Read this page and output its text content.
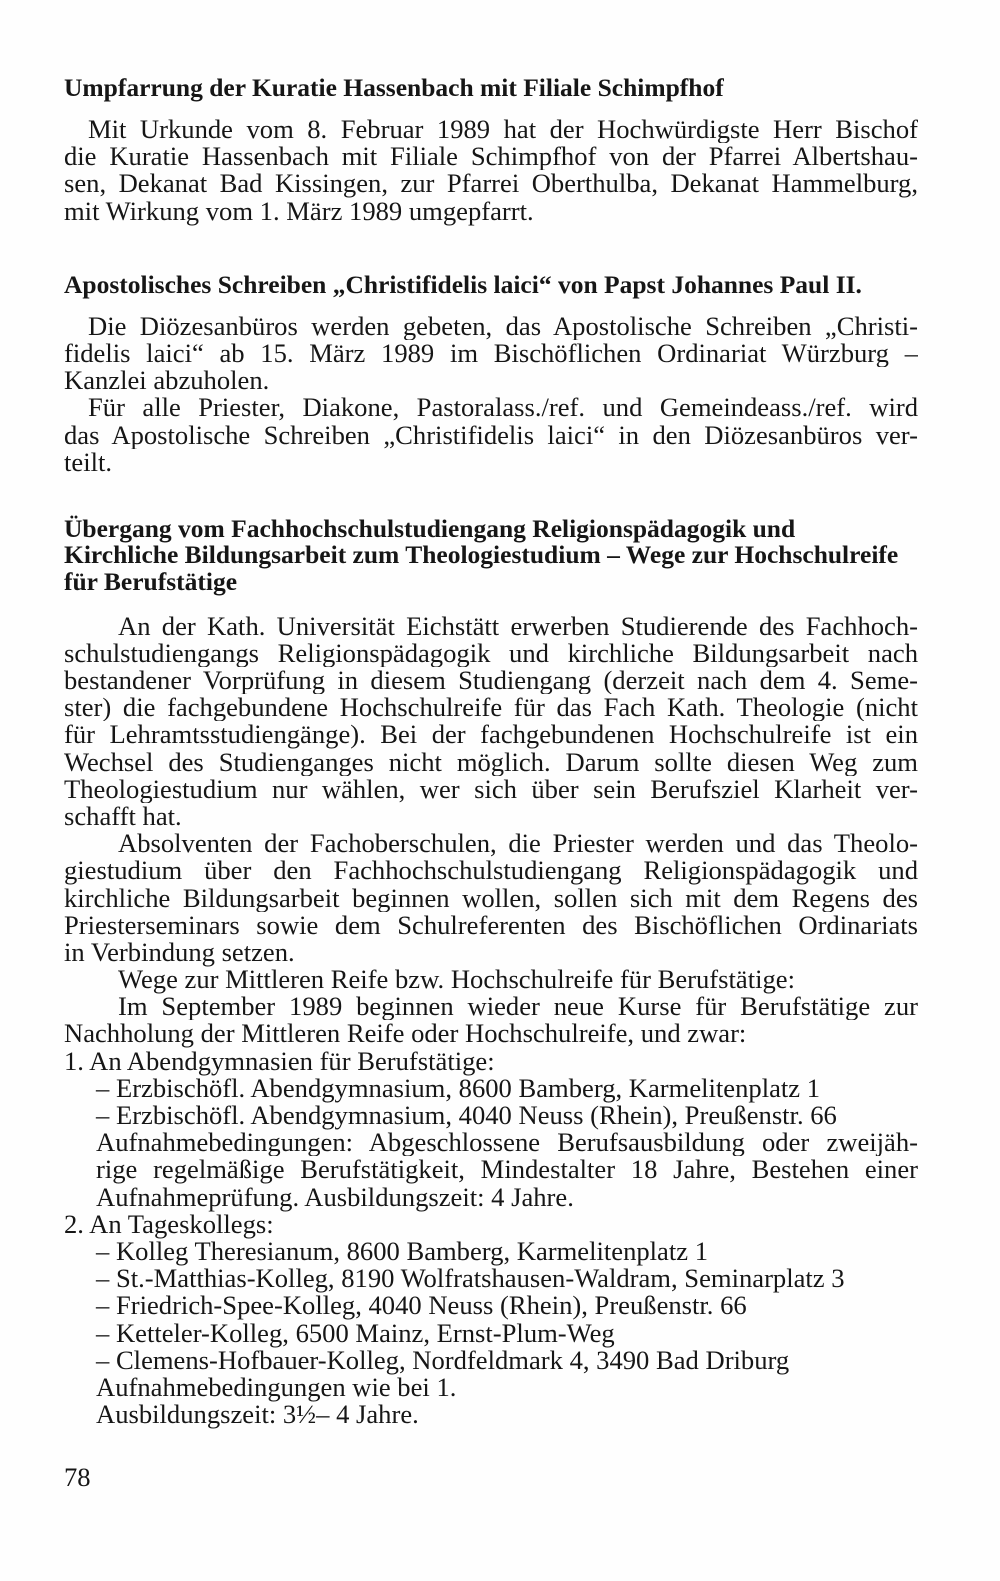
Umpfarrung der Kuratie Hassenbach mit Filiale Schimpfhof
Mit Urkunde vom 8. Februar 1989 hat der Hochwürdigste Herr Bischof
die Kuratie Hassenbach mit Filiale Schimpfhof von der Pfarrei Albertshau-
sen, Dekanat Bad Kissingen, zur Pfarrei Oberthulba, Dekanat Hammelburg,
mit Wirkung vom 1. März 1989 umgepfarrt.
Apostolisches Schreiben „Christifidelis laici“ von Papst Johannes Paul II.
Die Diözesanbüros werden gebeten, das Apostolische Schreiben „Christi-
fidelis laici“ ab 15. März 1989 im Bischöflichen Ordinariat Würzburg –
Kanzlei abzuholen.
Für alle Priester, Diakone, Pastoralass./ref. und Gemeindeass./ref. wird
das Apostolische Schreiben „Christifidelis laici“ in den Diözesanbüros ver-
teilt.
Übergang vom Fachhochschulstudiengang Religionspädagogik und
Kirchliche Bildungsarbeit zum Theologiestudium – Wege zur Hochschulreife
für Berufstätige
An der Kath. Universität Eichstätt erwerben Studierende des Fachhoch-
schulstudiengangs Religionspädagogik und kirchliche Bildungsarbeit nach
bestandener Vorprüfung in diesem Studiengang (derzeit nach dem 4. Seme-
ster) die fachgebundene Hochschulreife für das Fach Kath. Theologie (nicht
für Lehramtsstudiengänge). Bei der fachgebundenen Hochschulreife ist ein
Wechsel des Studienganges nicht möglich. Darum sollte diesen Weg zum
Theologiestudium nur wählen, wer sich über sein Berufsziel Klarheit ver-
schafft hat.
Absolventen der Fachoberschulen, die Priester werden und das Theolo-
giestudium über den Fachhochschulstudiengang Religionspädagogik und
kirchliche Bildungsarbeit beginnen wollen, sollen sich mit dem Regens des
Priesterseminars sowie dem Schulreferenten des Bischöflichen Ordinariats
in Verbindung setzen.
Wege zur Mittleren Reife bzw. Hochschulreife für Berufstätige:
Im September 1989 beginnen wieder neue Kurse für Berufstätige zur
Nachholung der Mittleren Reife oder Hochschulreife, und zwar:
1. An Abendgymnasien für Berufstätige:
– Erzbischöfl. Abendgymnasium, 8600 Bamberg, Karmelitenplatz 1
– Erzbischöfl. Abendgymnasium, 4040 Neuss (Rhein), Preußenstr. 66
Aufnahmebedingungen: Abgeschlossene Berufsausbildung oder zweijäh-
rige regelmäßige Berufstätigkeit, Mindestalter 18 Jahre, Bestehen einer
Aufnahmeprüfung. Ausbildungszeit: 4 Jahre.
2. An Tageskollegs:
– Kolleg Theresianum, 8600 Bamberg, Karmelitenplatz 1
– St.-Matthias-Kolleg, 8190 Wolfratshausen-Waldram, Seminarplatz 3
– Friedrich-Spee-Kolleg, 4040 Neuss (Rhein), Preußenstr. 66
– Ketteler-Kolleg, 6500 Mainz, Ernst-Plum-Weg
– Clemens-Hofbauer-Kolleg, Nordfeldmark 4, 3490 Bad Driburg
Aufnahmebedingungen wie bei 1.
Ausbildungszeit: 3½– 4 Jahre.
78
